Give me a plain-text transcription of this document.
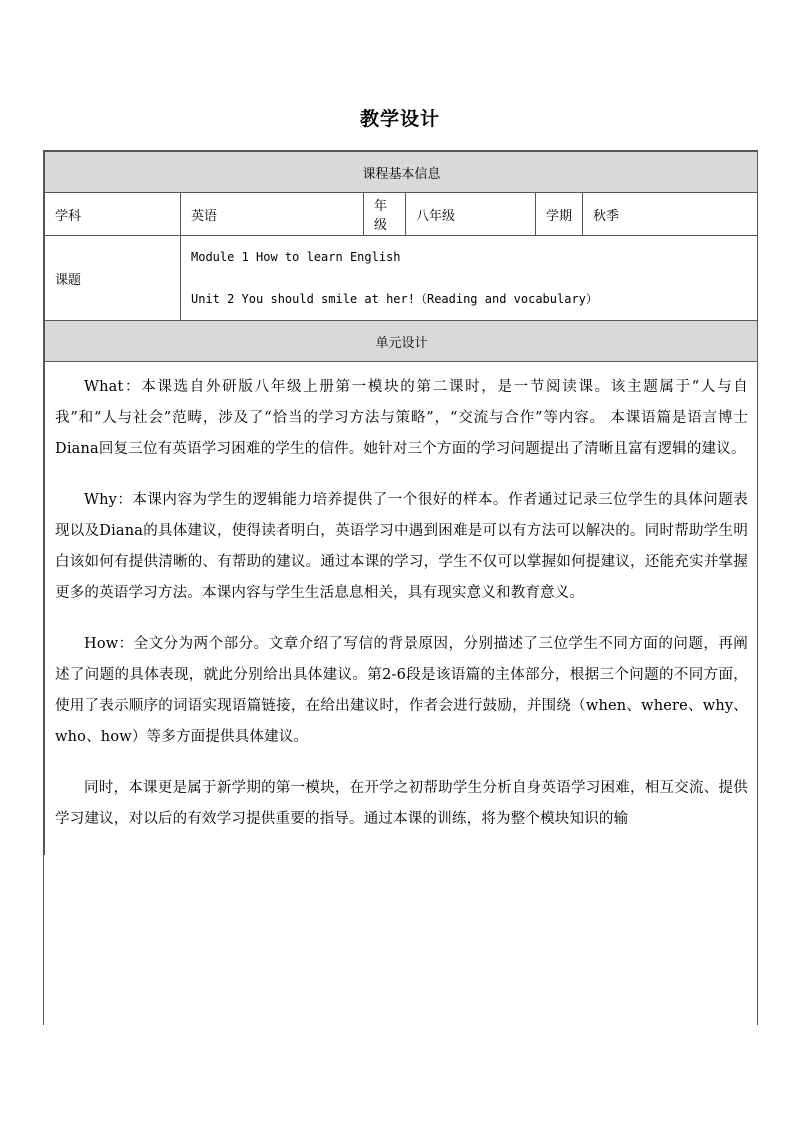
教学设计
课程基本信息					
学科	英语	年级	八年级	学期	秋季
课题	Module 1 How to learn English
Unit 2 You should smile at her!（Reading and vocabulary）				

单元设计					

What：本课选自外研版八年级上册第一模块的第二课时，是一节阅读课。该主题属于“人与自我”和“人与社会”范畴，涉及了“恰当的学习方法与策略”，“交流与合作”等内容。 本课语篇是语言博士Diana回复三位有英语学习困难的学生的信件。她针对三个方面的学习问题提出了清晰且富有逻辑的建议。

Why：本课内容为学生的逻辑能力培养提供了一个很好的样本。作者通过记录三位学生的具体问题表现以及Diana的具体建议，使得读者明白，英语学习中遇到困难是可以有方法可以解决的。同时帮助学生明白该如何有提供清晰的、有帮助的建议。通过本课的学习，学生不仅可以掌握如何提建议，还能充实并掌握更多的英语学习方法。本课内容与学生生活息息相关，具有现实意义和教育意义。

How：全文分为两个部分。文章介绍了写信的背景原因，分别描述了三位学生不同方面的问题，再阐述了问题的具体表现，就此分别给出具体建议。第2-6段是该语篇的主体部分，根据三个问题的不同方面，使用了表示顺序的词语实现语篇链接，在给出建议时，作者会进行鼓励，并围绕（when、where、why、who、how）等多方面提供具体建议。

同时，本课更是属于新学期的第一模块，在开学之初帮助学生分析自身英语学习困难，相互交流、提供学习建议，对以后的有效学习提供重要的指导。通过本课的训练，将为整个模块知识的输					
